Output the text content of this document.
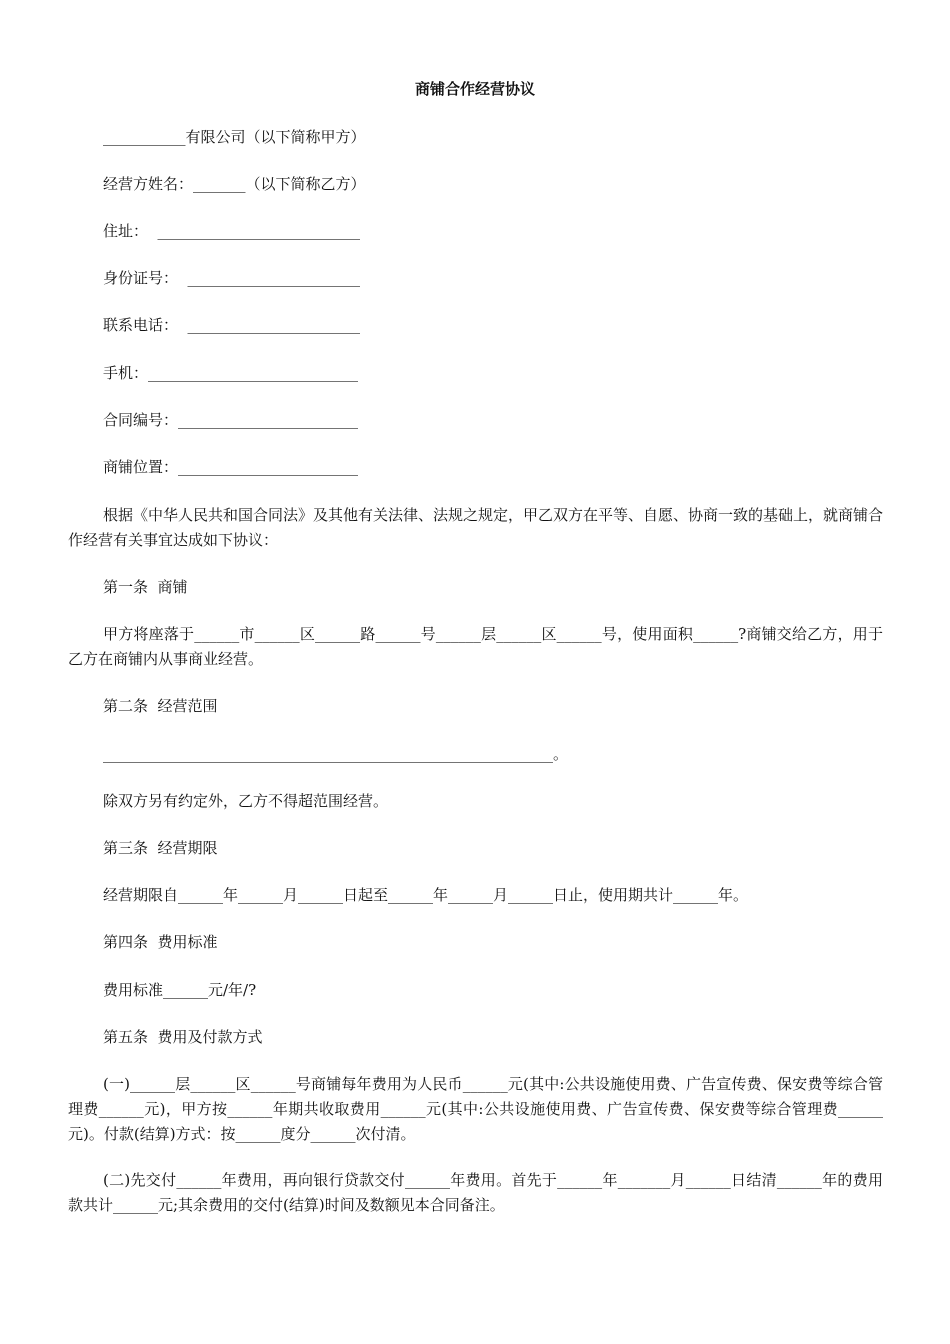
商铺合作经营协议
___________有限公司（以下简称甲方）
经营方姓名：_______（以下简称乙方）
住址：  ___________________________
身份证号：  _______________________
联系电话：  _______________________
手机：____________________________
合同编号：________________________
商铺位置：________________________
根据《中华人民共和国合同法》及其他有关法律、法规之规定，甲乙双方在平等、自愿、协商一致的基础上，就商铺合作经营有关事宜达成如下协议：
第一条  商铺
甲方将座落于______市______区______路______号______层______区______号，使用面积______?商铺交给乙方，用于乙方在商铺内从事商业经营。
第二条  经营范围
____________________________________________________________。
除双方另有约定外，乙方不得超范围经营。
第三条  经营期限
经营期限自______年______月______日起至______年______月______日止，使用期共计______年。
第四条  费用标准
费用标准______元/年/?
第五条  费用及付款方式
(一)______层______区______号商铺每年费用为人民币______元(其中:公共设施使用费、广告宣传费、保安费等综合管理费______元)，甲方按______年期共收取费用______元(其中:公共设施使用费、广告宣传费、保安费等综合管理费______元)。付款(结算)方式：按______度分______次付清。
(二)先交付______年费用，再向银行贷款交付______年费用。首先于______年_______月______日结清______年的费用款共计______元;其余费用的交付(结算)时间及数额见本合同备注。
